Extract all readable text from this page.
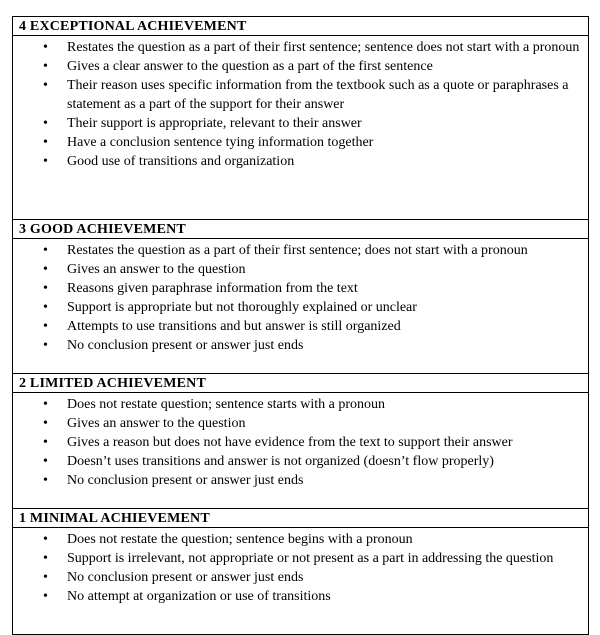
4 EXCEPTIONAL ACHIEVEMENT

• Restates the question as a part of their first sentence; sentence does not start with a pronoun
• Gives a clear answer to the question as a part of the first sentence
• Their reason uses specific information from the textbook such as a quote or paraphrases a statement as a part of the support for their answer
• Their support is appropriate, relevant to their answer
• Have a conclusion sentence tying information together
• Good use of transitions and organization

3 GOOD ACHIEVEMENT

• Restates the question as a part of their first sentence; does not start with a pronoun
• Gives an answer to the question
• Reasons given paraphrase information from the text
• Support is appropriate but not thoroughly explained or unclear
• Attempts to use transitions and but answer is still organized
• No conclusion present or answer just ends

2 LIMITED ACHIEVEMENT

• Does not restate question; sentence starts with a pronoun
• Gives an answer to the question
• Gives a reason but does not have evidence from the text to support their answer
• Doesn’t uses transitions and answer is not organized (doesn’t flow properly)
• No conclusion present or answer just ends

1 MINIMAL ACHIEVEMENT

• Does not restate the question; sentence begins with a pronoun
• Support is irrelevant, not appropriate or not present as a part in addressing the question
• No conclusion present or answer just ends
• No attempt at organization or use of transitions
